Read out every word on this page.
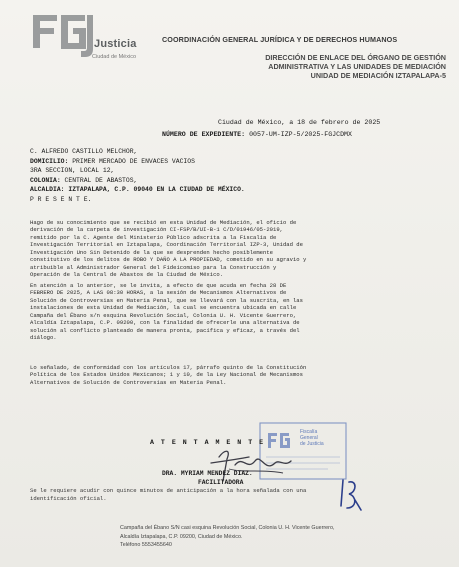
Justicia
Ciudad de México
COORDINACIÓN GENERAL JURÍDICA Y DE DERECHOS HUMANOS
DIRECCIÓN DE ENLACE DEL ÓRGANO DE GESTIÓN
ADMINISTRATIVA Y LAS UNIDADES DE MEDIACIÓN
UNIDAD DE MEDIACIÓN IZTAPALAPA-5
Ciudad de México, a 18 de febrero de 2025
NÚMERO DE EXPEDIENTE: 0057-UM-IZP-5/2025-FGJCDMX
C. ALFREDO CASTILLO MELCHOR,
DOMICILIO: PRIMER MERCADO DE ENVACES VACIOS
3RA SECCION, LOCAL 12,
COLONIA: CENTRAL DE ABASTOS,
ALCALDIA: IZTAPALAPA, C.P. 09040 EN LA CIUDAD DE MÉXICO.
P R E S E N T E.
Hago de su conocimiento que se recibió en esta Unidad de Mediación, el oficio de
derivación de la carpeta de investigación CI-FSP/B/UI-B-1 C/D/01946/05-2019,
remitido por la C. Agente del Ministerio Público adscrita a la Fiscalía de
Investigación Territorial en Iztapalapa, Coordinación Territorial IZP-3, Unidad de
Investigación Uno Sin Detenido de la que se desprenden hecho posiblemente
constitutivo de los delitos de ROBO Y DAÑO A LA PROPIEDAD, cometido en su agravio y
atribuible al Administrador General del Fideicomiso para la Construcción y
Operación de la Central de Abastos de la Ciudad de México.
En atención a lo anterior, se le invita, a efecto de que acuda en fecha 28 DE
FEBRERO DE 2025, A LAS 08:30 HORAS, a la sesión de Mecanismos Alternativos de
Solución de Controversias en Materia Penal, que se llevará con la suscrita, en las
instalaciones de esta Unidad de Mediación, la cual se encuentra ubicada en calle
Campaña del Ébano s/n esquina Revolución Social, Colonia U. H. Vicente Guerrero,
Alcaldía Iztapalapa, C.P. 09200, con la finalidad de ofrecerle una alternativa de
solución al conflicto planteado de manera pronta, pacífica y eficaz, a través del
diálogo.
Lo señalado, de conformidad con los artículos 17, párrafo quinto de la Constitución
Política de los Estados Unidos Mexicanos; 1 y 10, de la Ley Nacional de Mecanismos
Alternativos de Solución de Controversias en Materia Penal.
Fiscalía
General
de Justicia
A T E N T A M E N T E
DRA. MYRIAM MENDEZ DIAZ.
FACILITADORA
Se le requiere acudir con quince minutos de anticipación a la hora señalada con una
identificación oficial.
Campaña del Ébano S/N casi esquina Revolución Social, Colonia U. H. Vicente Guerrero,
Alcaldía Iztapalapa, C.P. 09200, Ciudad de México.
Teléfono 5553455640
